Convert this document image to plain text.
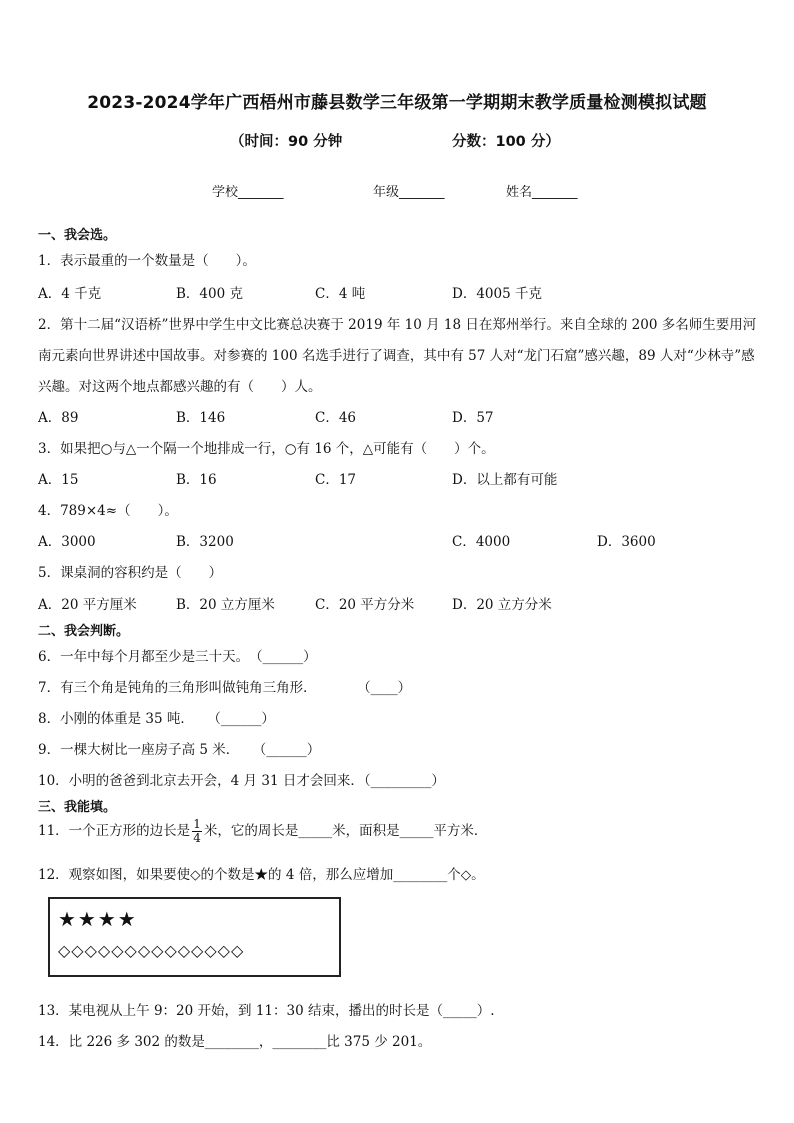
2023-2024学年广西梧州市藤县数学三年级第一学期期末教学质量检测模拟试题
（时间：90 分钟	分数：100 分）
学校_______	年级_______	姓名_______
一、我会选。
1．表示最重的一个数量是（　　）。
A．4 千克	B．400 克	C．4 吨	D．4005 千克
2．第十二届“汉语桥”世界中学生中文比赛总决赛于 2019 年 10 月 18 日在郑州举行。来自全球的 200 多名师生要用河
南元素向世界讲述中国故事。对参赛的 100 名选手进行了调查，其中有 57 人对“龙门石窟”感兴趣，89 人对“少林寺”感
兴趣。对这两个地点都感兴趣的有（　　）人。
A．89	B．146	C．46	D．57
3．如果把○与△一个隔一个地排成一行，○有 16 个，△可能有（　　）个。
A．15	B．16	C．17	D．以上都有可能
4．789×4≈（　　）。
A．3000	B．3200	C．4000	D．3600
5．课桌洞的容积约是（　　）
A．20 平方厘米	B．20 立方厘米	C．20 平方分米	D．20 立方分米
二、我会判断。
6．一年中每个月都至少是三十天。　（______）
7．有三个角是钝角的三角形叫做钝角三角形．　　　　（____）
8．小刚的体重是 35 吨．　　（______）
9．一棵大树比一座房子高 5 米．　　（______）
10．小明的爸爸到北京去开会，4 月 31 日才会回来．（_________）
三、我能填。
11．一个正方形的边长是 $\frac{1}{4}$ 米，它的周长是_____米，面积是_____平方米．
12．观察如图，如果要使◇的个数是★的 4 倍，那么应增加________个◇。
★★★★
◇◇◇◇◇◇◇◇◇◇◇◇◇◇
13．某电视从上午 9：20 开始，到 11：30 结束，播出的时长是（_____）.
14．比 226 多 302 的数是________，________比 375 少 201。
